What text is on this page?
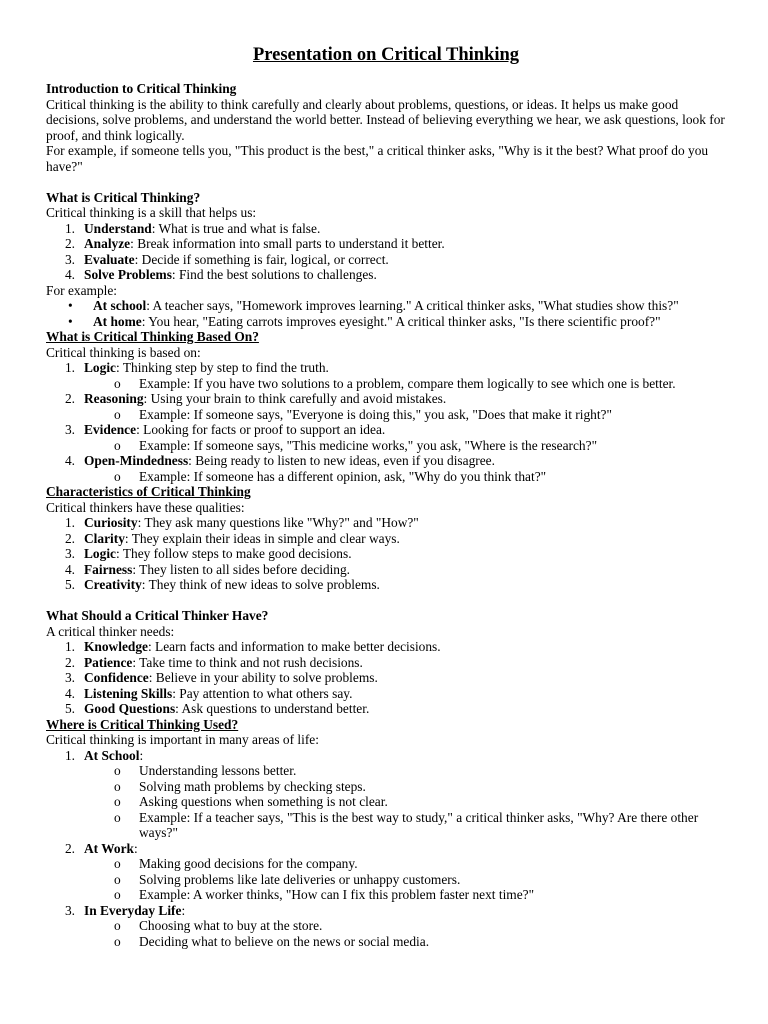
Presentation on Critical Thinking

Introduction to Critical Thinking

Critical thinking is the ability to think carefully and clearly about problems, questions, or ideas. It helps us make good decisions, solve problems, and understand the world better. Instead of believing everything we hear, we ask questions, look for proof, and think logically.

For example, if someone tells you, "This product is the best," a critical thinker asks, "Why is it the best? What proof do you have?"

What is Critical Thinking?

Critical thinking is a skill that helps us:

1. Understand: What is true and what is false.
2. Analyze: Break information into small parts to understand it better.
3. Evaluate: Decide if something is fair, logical, or correct.
4. Solve Problems: Find the best solutions to challenges.

For example:

•	At school: A teacher says, "Homework improves learning." A critical thinker asks, "What studies show this?"
•	At home: You hear, "Eating carrots improves eyesight." A critical thinker asks, "Is there scientific proof?"

What is Critical Thinking Based On?

Critical thinking is based on:

1. Logic: Thinking step by step to find the truth.
o	Example: If you have two solutions to a problem, compare them logically to see which one is better.
2. Reasoning: Using your brain to think carefully and avoid mistakes.
o	Example: If someone says, "Everyone is doing this," you ask, "Does that make it right?"
3. Evidence: Looking for facts or proof to support an idea.
o	Example: If someone says, "This medicine works," you ask, "Where is the research?"
4. Open-Mindedness: Being ready to listen to new ideas, even if you disagree.
o	Example: If someone has a different opinion, ask, "Why do you think that?"

Characteristics of Critical Thinking

Critical thinkers have these qualities:

1. Curiosity: They ask many questions like "Why?" and "How?"
2. Clarity: They explain their ideas in simple and clear ways.
3. Logic: They follow steps to make good decisions.
4. Fairness: They listen to all sides before deciding.
5. Creativity: They think of new ideas to solve problems.

What Should a Critical Thinker Have?

A critical thinker needs:

1. Knowledge: Learn facts and information to make better decisions.
2. Patience: Take time to think and not rush decisions.
3. Confidence: Believe in your ability to solve problems.
4. Listening Skills: Pay attention to what others say.
5. Good Questions: Ask questions to understand better.

Where is Critical Thinking Used?

Critical thinking is important in many areas of life:

1. At School:
o	Understanding lessons better.
o	Solving math problems by checking steps.
o	Asking questions when something is not clear.
o	Example: If a teacher says, "This is the best way to study," a critical thinker asks, "Why? Are there other ways?"
2. At Work:
o	Making good decisions for the company.
o	Solving problems like late deliveries or unhappy customers.
o	Example: A worker thinks, "How can I fix this problem faster next time?"
3. In Everyday Life:
o	Choosing what to buy at the store.
o	Deciding what to believe on the news or social media.
